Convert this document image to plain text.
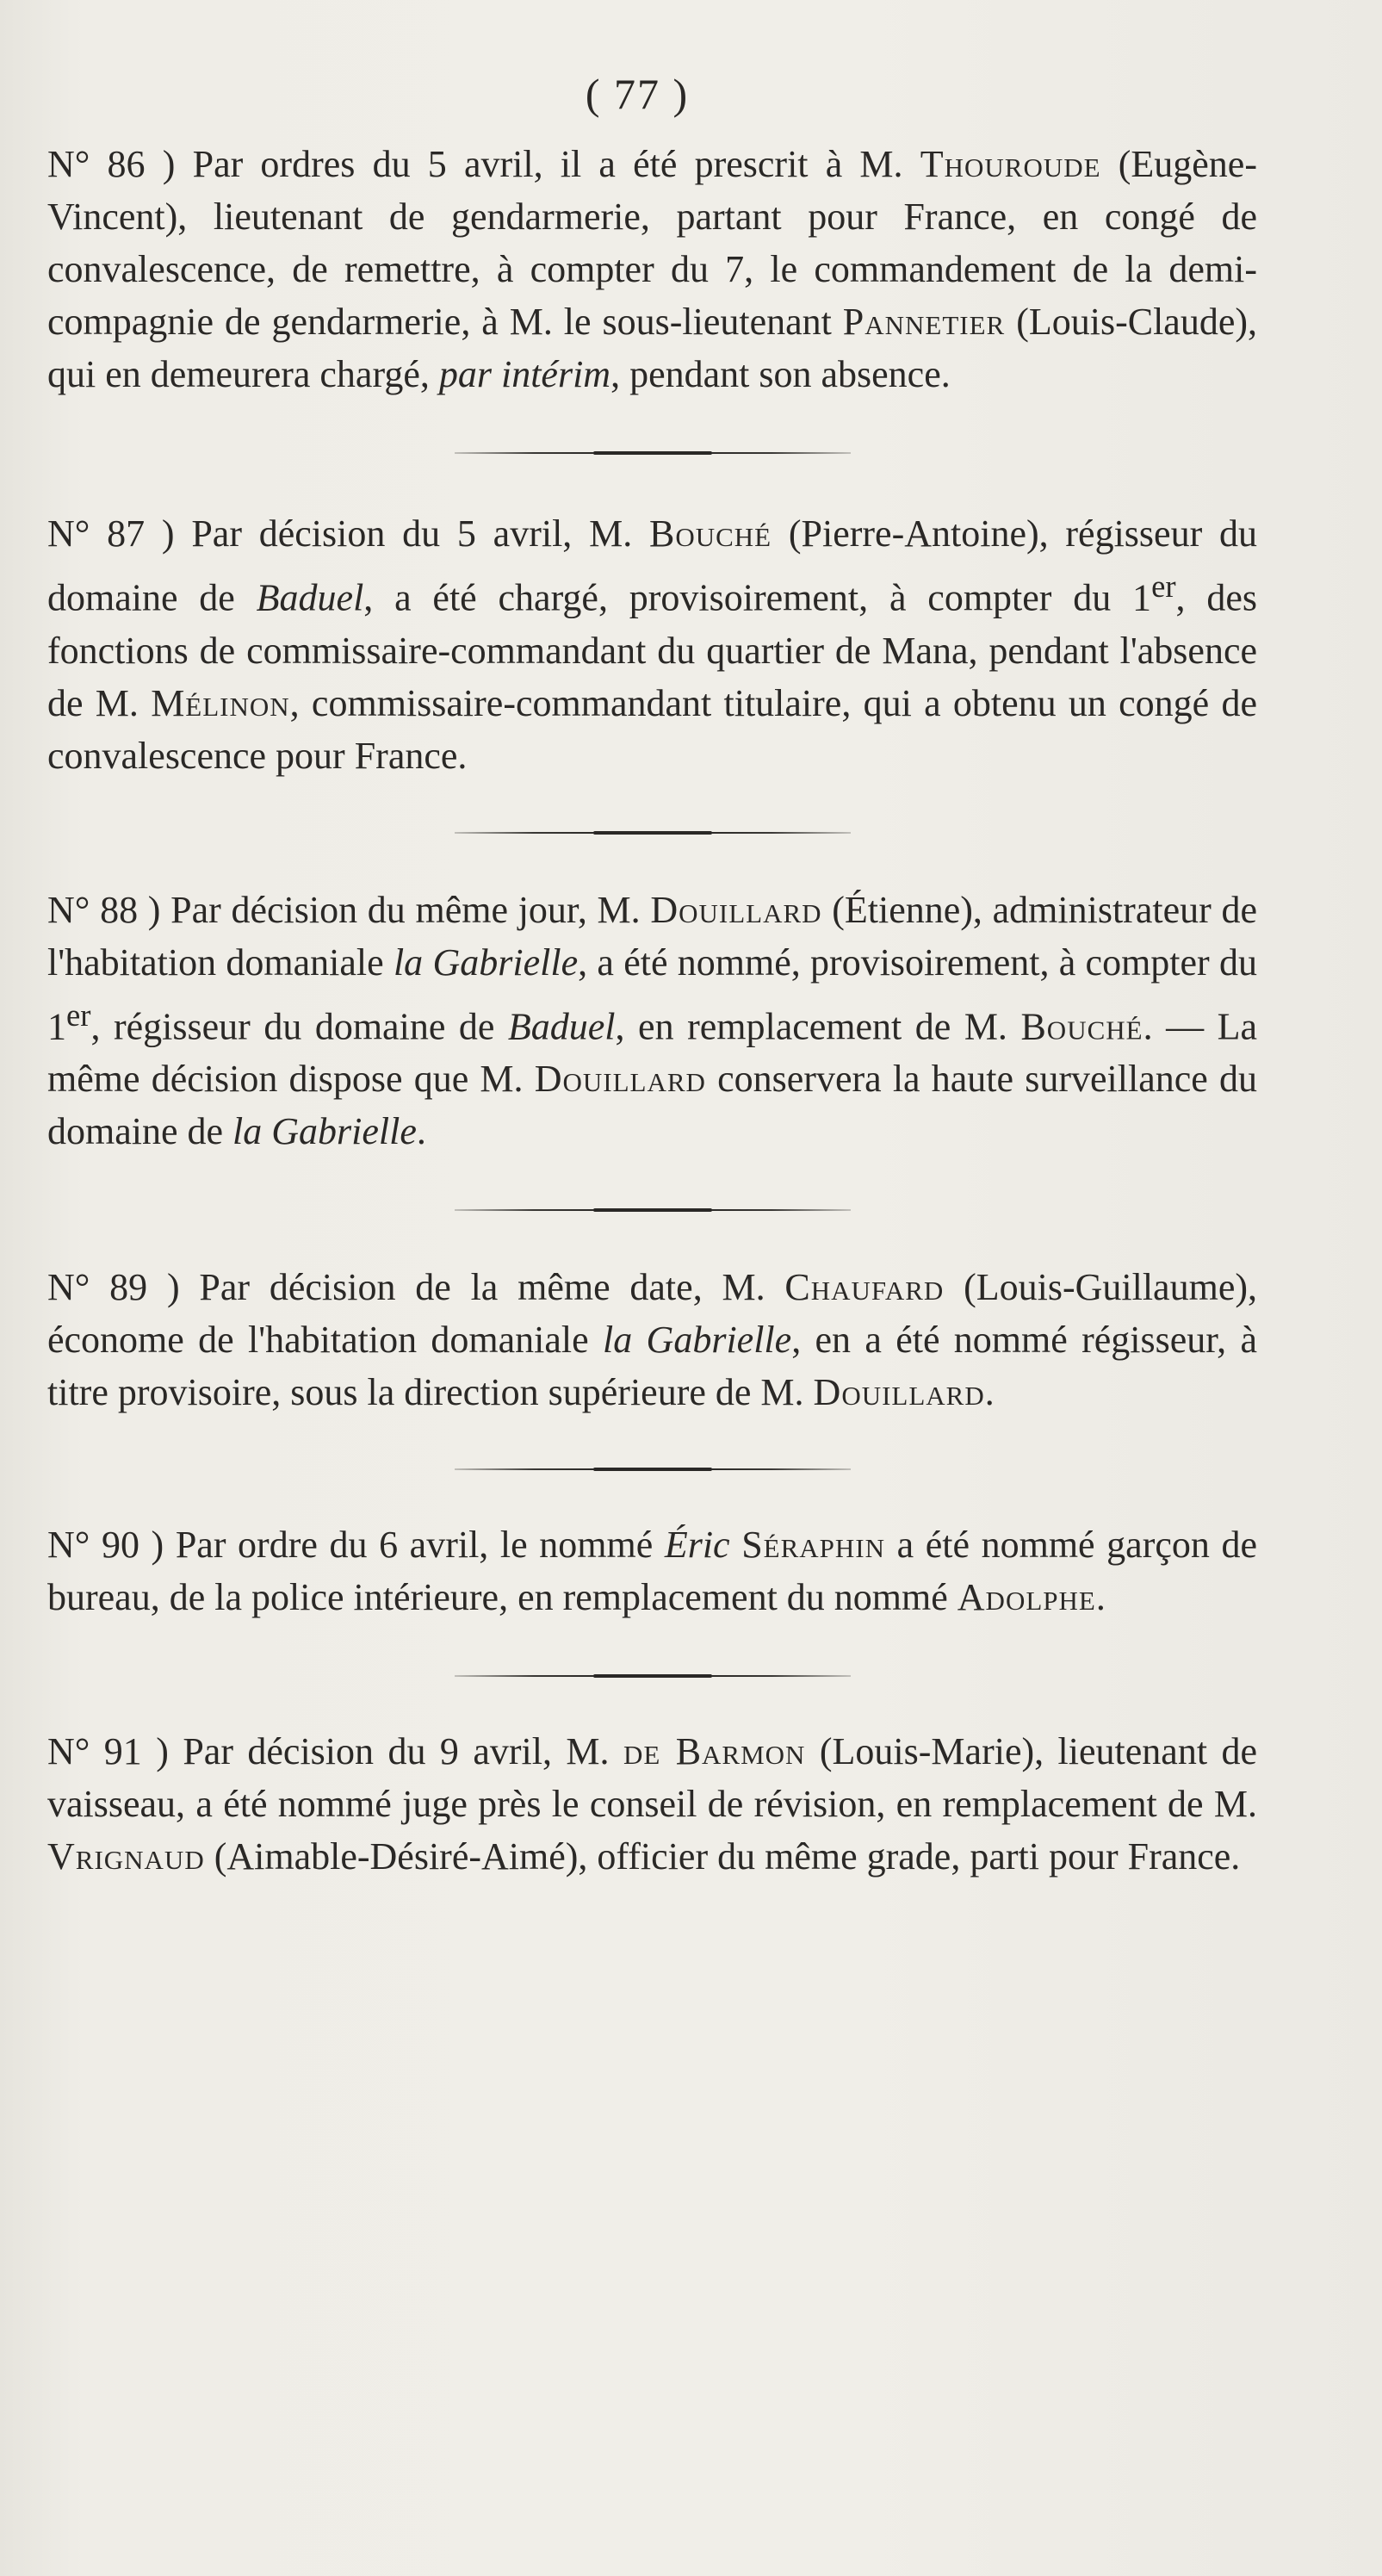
( 77 )

N° 86 ) Par ordres du 5 avril, il a été prescrit à M. Thouroude (Eugène-Vincent), lieutenant de gendarmerie, partant pour France, en congé de convalescence, de remettre, à compter du 7, le commandement de la demi-compagnie de gendarmerie, à M. le sous-lieutenant Pannetier (Louis-Claude), qui en demeurera chargé, par intérim, pendant son absence.

N° 87 ) Par décision du 5 avril, M. Bouché (Pierre-Antoine), régisseur du domaine de Baduel, a été chargé, provisoirement, à compter du 1er, des fonctions de commissaire-commandant du quartier de Mana, pendant l'absence de M. Mélinon, commissaire-commandant titulaire, qui a obtenu un congé de convalescence pour France.

N° 88 ) Par décision du même jour, M. Douillard (Étienne), administrateur de l'habitation domaniale la Gabrielle, a été nommé, provisoirement, à compter du 1er, régisseur du domaine de Baduel, en remplacement de M. Bouché. — La même décision dispose que M. Douillard conservera la haute surveillance du domaine de la Gabrielle.

N° 89 ) Par décision de la même date, M. Chaufard (Louis-Guillaume), économe de l'habitation domaniale la Gabrielle, en a été nommé régisseur, à titre provisoire, sous la direction supérieure de M. Douillard.

N° 90 ) Par ordre du 6 avril, le nommé Éric Séraphin a été nommé garçon de bureau, de la police intérieure, en remplacement du nommé Adolphe.

N° 91 ) Par décision du 9 avril, M. de Barmon (Louis-Marie), lieutenant de vaisseau, a été nommé juge près le conseil de révision, en remplacement de M. Vrignaud (Aimable-Désiré-Aimé), officier du même grade, parti pour France.
